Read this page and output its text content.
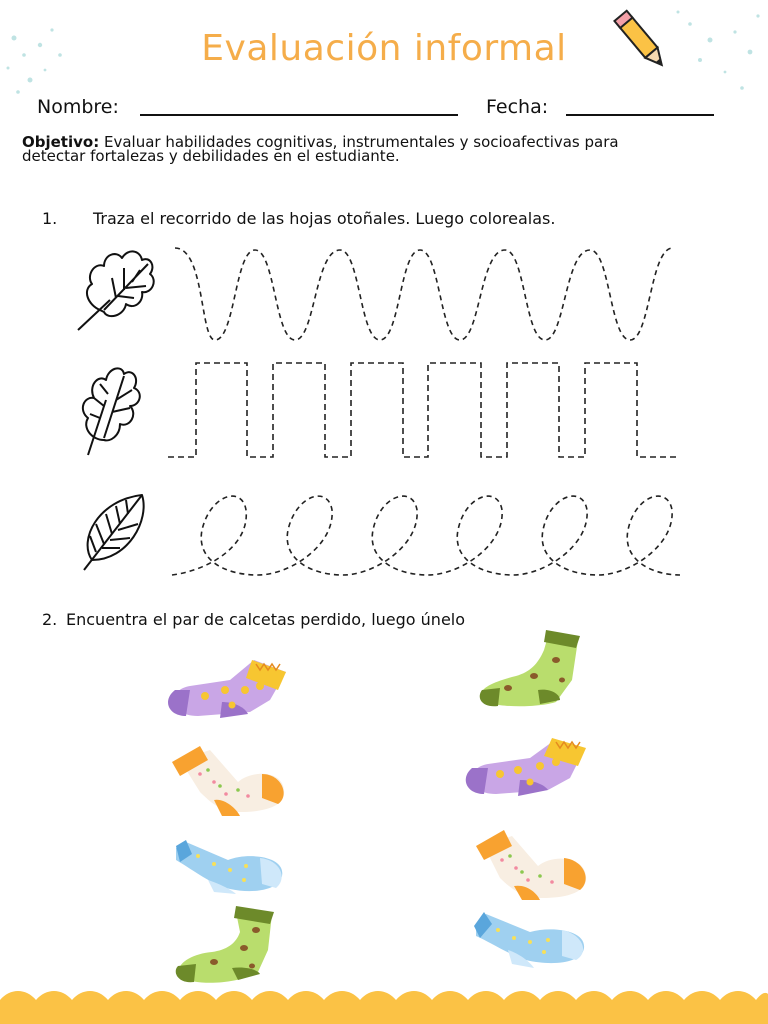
Evaluación informal
Nombre:	Fecha:
Objetivo: Evaluar habilidades cognitivas, instrumentales y socioafectivas para detectar fortalezas y debilidades en el estudiante.
1. Traza el recorrido de las hojas otoñales. Luego colorealas.
2. Encuentra el par de calcetas perdido, luego únelo
